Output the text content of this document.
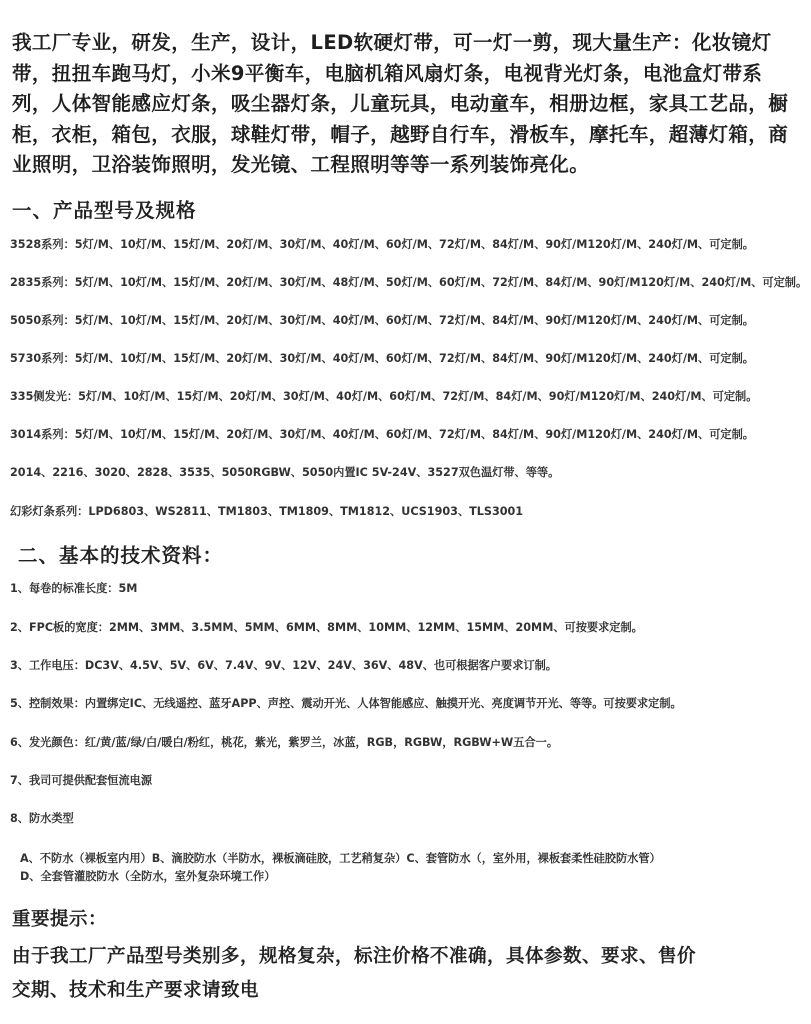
我工厂专业，研发，生产，设计，LED软硬灯带，可一灯一剪，现大量生产：化妆镜灯带，扭扭车跑马灯，小米9平衡车，电脑机箱风扇灯条，电视背光灯条，电池盒灯带系列，人体智能感应灯条，吸尘器灯条，儿童玩具，电动童车，相册边框，家具工艺品，橱柜，衣柜，箱包，衣服，球鞋灯带，帽子，越野自行车，滑板车，摩托车，超薄灯箱，商业照明，卫浴装饰照明，发光镜、工程照明等等一系列装饰亮化。
一、产品型号及规格
3528系列：5灯/M、10灯/M、15灯/M、20灯/M、30灯/M、40灯/M、60灯/M、72灯/M、84灯/M、90灯/M120灯/M、240灯/M、可定制。
2835系列：5灯/M、10灯/M、15灯/M、20灯/M、30灯/M、48灯/M、50灯/M、60灯/M、72灯/M、84灯/M、90灯/M120灯/M、240灯/M、可定制。
5050系列：5灯/M、10灯/M、15灯/M、20灯/M、30灯/M、40灯/M、60灯/M、72灯/M、84灯/M、90灯/M120灯/M、240灯/M、可定制。
5730系列：5灯/M、10灯/M、15灯/M、20灯/M、30灯/M、40灯/M、60灯/M、72灯/M、84灯/M、90灯/M120灯/M、240灯/M、可定制。
335侧发光：5灯/M、10灯/M、15灯/M、20灯/M、30灯/M、40灯/M、60灯/M、72灯/M、84灯/M、90灯/M120灯/M、240灯/M、可定制。
3014系列：5灯/M、10灯/M、15灯/M、20灯/M、30灯/M、40灯/M、60灯/M、72灯/M、84灯/M、90灯/M120灯/M、240灯/M、可定制。
2014、2216、3020、2828、3535、5050RGBW、5050内置IC 5V-24V、3527双色温灯带、等等。
幻彩灯条系列：LPD6803、WS2811、TM1803、TM1809、TM1812、UCS1903、TLS3001
二、基本的技术资料：
1、每卷的标准长度：5M
2、FPC板的宽度：2MM、3MM、3.5MM、5MM、6MM、8MM、10MM、12MM、15MM、20MM、可按要求定制。
3、工作电压：DC3V、4.5V、5V、6V、7.4V、9V、12V、24V、36V、48V、也可根据客户要求订制。
5、控制效果：内置绑定IC、无线遥控、蓝牙APP、声控、震动开光、人体智能感应、触摸开光、亮度调节开光、等等。可按要求定制。
6、发光颜色：红/黄/蓝/绿/白/暖白/粉红，桃花，紫光，紫罗兰，冰蓝，RGB，RGBW，RGBW+W五合一。
7、我司可提供配套恒流电源
8、防水类型
A、不防水（裸板室内用）B、滴胶防水（半防水，裸板滴硅胶，工艺稍复杂）C、套管防水（，室外用，裸板套柔性硅胶防水管）
D、全套管灌胶防水（全防水，室外复杂环境工作）
重要提示：
由于我工厂产品型号类别多，规格复杂，标注价格不准确，具体参数、要求、售价
交期、技术和生产要求请致电
